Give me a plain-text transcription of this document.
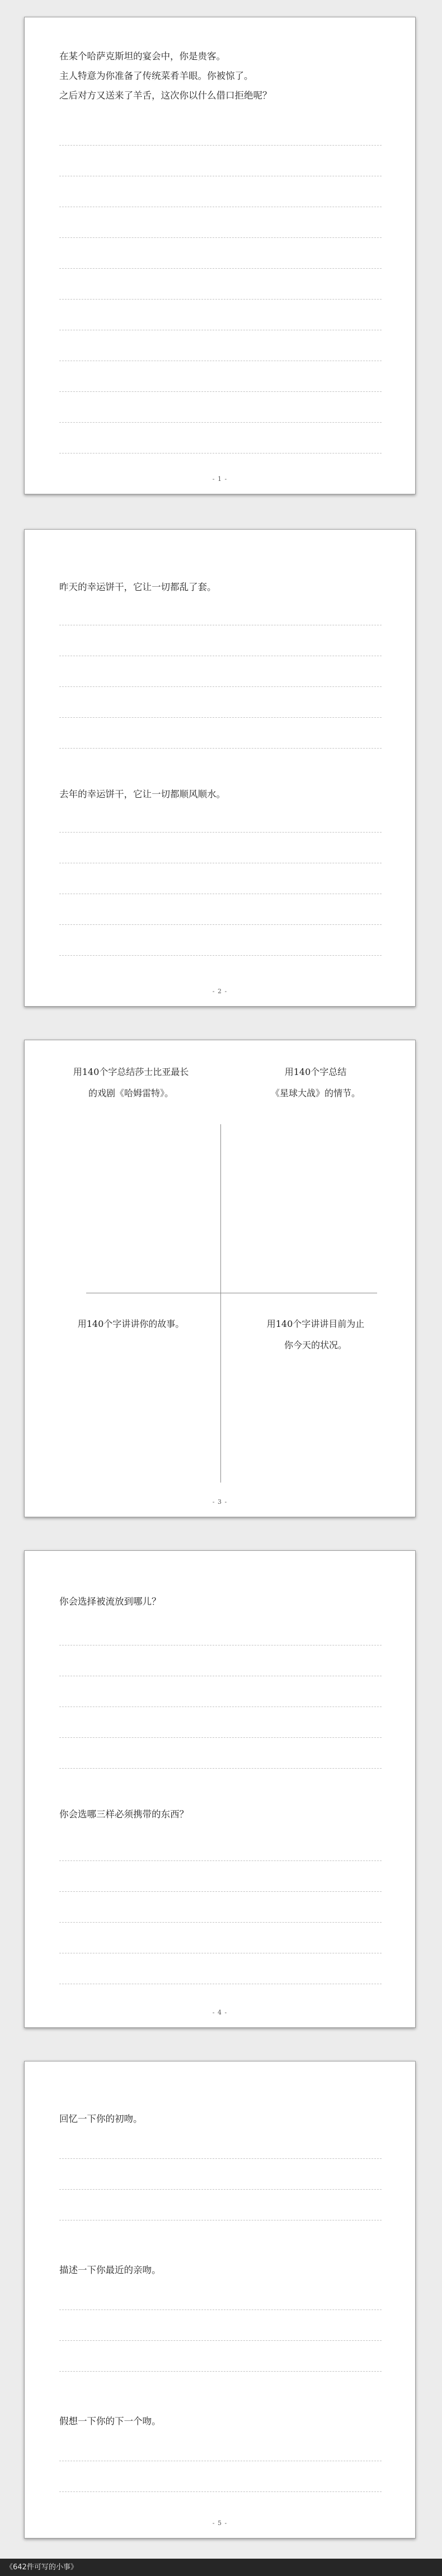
在某个哈萨克斯坦的宴会中，你是贵客。
主人特意为你准备了传统菜肴羊眼。你被惊了。
之后对方又送来了羊舌，这次你以什么借口拒绝呢？
- 1 -
昨天的幸运饼干，它让一切都乱了套。
去年的幸运饼干，它让一切都顺风顺水。
- 2 -
用140个字总结莎士比亚最长
的戏剧《哈姆雷特》。
用140个字总结
《星球大战》的情节。
用140个字讲讲你的故事。	用140个字讲讲目前为止
你今天的状况。
- 3 -
你会选择被流放到哪儿？
你会选哪三样必须携带的东西？
- 4 -
回忆一下你的初吻。
描述一下你最近的亲吻。
假想一下你的下一个吻。
- 5 -
《642件可写的小事》
